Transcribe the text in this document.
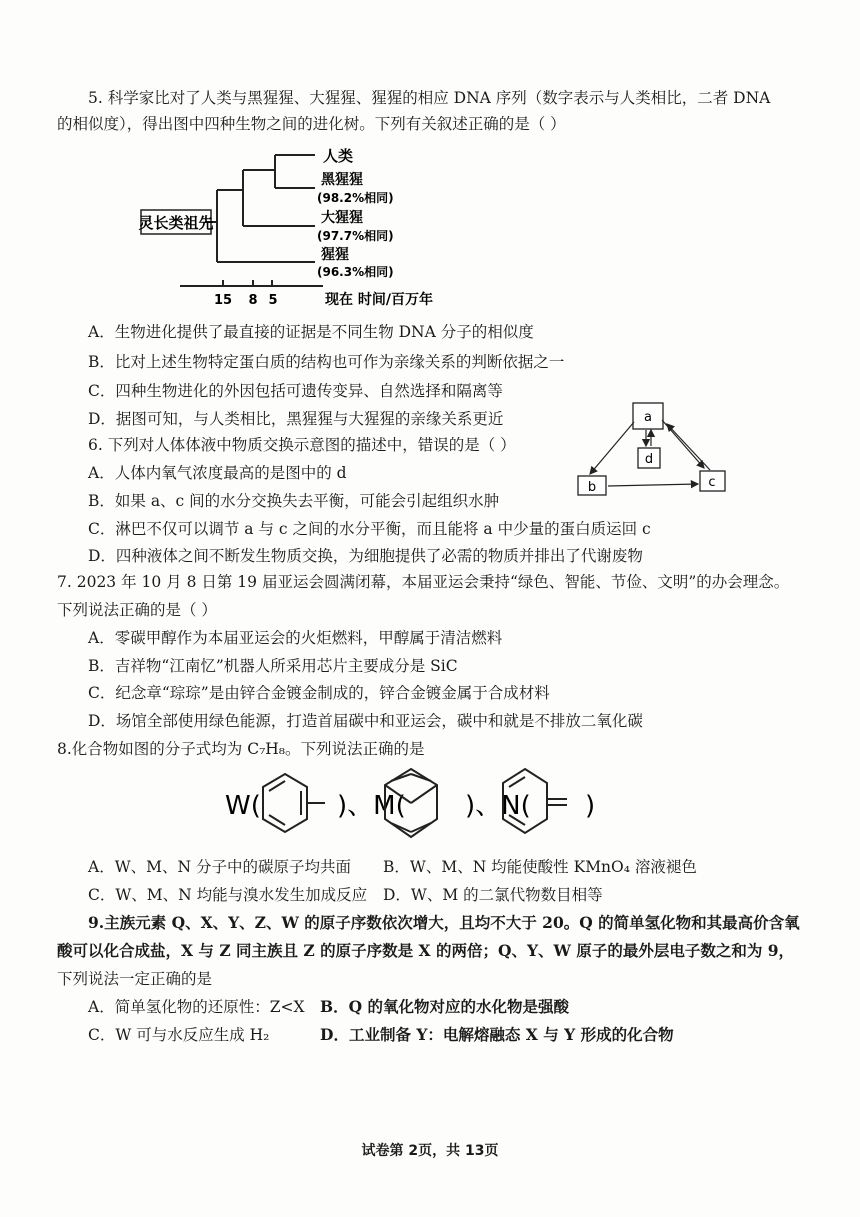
5. 科学家比对了人类与黑猩猩、大猩猩、猩猩的相应 DNA 序列（数字表示与人类相比，二者 DNA
的相似度），得出图中四种生物之间的进化树。下列有关叙述正确的是（ ）
灵长类祖先
人类
黑猩猩
(98.2%相同)
大猩猩
(97.7%相同)
猩猩
(96.3%相同)
15 8 5	现在 时间/百万年
A．生物进化提供了最直接的证据是不同生物 DNA 分子的相似度
B．比对上述生物特定蛋白质的结构也可作为亲缘关系的判断依据之一
C．四种生物进化的外因包括可遗传变异、自然选择和隔离等
D．据图可知，与人类相比，黑猩猩与大猩猩的亲缘关系更近
6. 下列对人体体液中物质交换示意图的描述中，错误的是（ ）
a
b	c
d
A．人体内氧气浓度最高的是图中的 d
B．如果 a、c 间的水分交换失去平衡，可能会引起组织水肿
C．淋巴不仅可以调节 a 与 c 之间的水分平衡，而且能将 a 中少量的蛋白质运回 c
D．四种液体之间不断发生物质交换，为细胞提供了必需的物质并排出了代谢废物
7. 2023 年 10 月 8 日第 19 届亚运会圆满闭幕，本届亚运会秉持“绿色、智能、节俭、文明”的办会理念。
下列说法正确的是（ ）
A．零碳甲醇作为本届亚运会的火炬燃料，甲醇属于清洁燃料
B．吉祥物“江南忆”机器人所采用芯片主要成分是 SiC
C．纪念章“琮琮”是由锌合金镀金制成的，锌合金镀金属于合成材料
D．场馆全部使用绿色能源，打造首届碳中和亚运会，碳中和就是不排放二氧化碳
8.化合物如图的分子式均为 C₇H₈。下列说法正确的是
W(	)、M( )、N( )
A．W、M、N 分子中的碳原子均共面 B．W、M、N 均能使酸性 KMnO₄ 溶液褪色
C．W、M、N 均能与溴水发生加成反应 D．W、M 的二氯代物数目相等
9.主族元素 Q、X、Y、Z、W 的原子序数依次增大，且均不大于 20。Q 的简单氢化物和其最高价含氧
酸可以化合成盐，X 与 Z 同主族且 Z 的原子序数是 X 的两倍；Q、Y、W 原子的最外层电子数之和为 9，
下列说法一定正确的是
A．简单氢化物的还原性：Z<X B．Q 的氧化物对应的水化物是强酸
C．W 可与水反应生成 H₂	D．工业制备 Y：电解熔融态 X 与 Y 形成的化合物
试卷第 2页，共 13页
